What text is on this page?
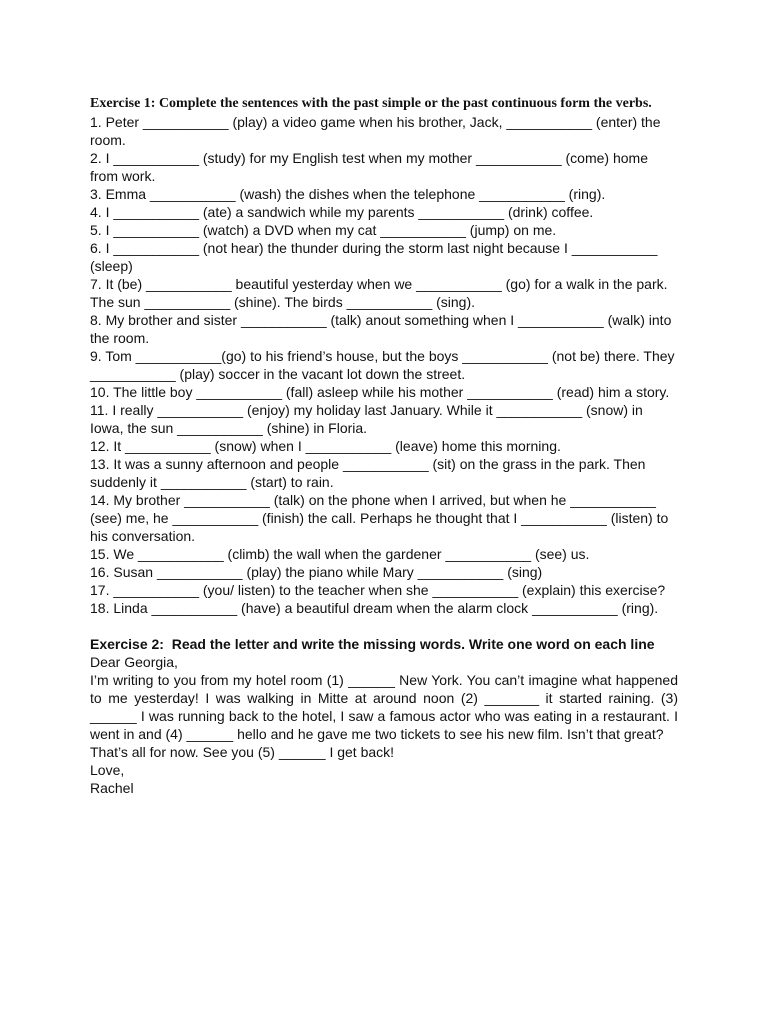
Exercise 1: Complete the sentences with the past simple or the past continuous form the verbs.

1. Peter ___________ (play) a video game when his brother, Jack, ___________ (enter) the room.
2. I ___________ (study) for my English test when my mother ___________ (come) home from work.
3. Emma ___________ (wash) the dishes when the telephone ___________ (ring).
4. I ___________ (ate) a sandwich while my parents ___________ (drink) coffee.
5. I ___________ (watch) a DVD when my cat ___________ (jump) on me.
6. I ___________ (not hear) the thunder during the storm last night because I ___________ (sleep)
7. It (be) ___________ beautiful yesterday when we ___________ (go) for a walk in the park. The sun ___________ (shine). The birds ___________ (sing).
8. My brother and sister ___________ (talk) anout something when I ___________ (walk) into the room.
9. Tom ___________(go) to his friend’s house, but the boys ___________ (not be) there. They ___________ (play) soccer in the vacant lot down the street.
10. The little boy ___________ (fall) asleep while his mother ___________ (read) him a story.
11. I really ___________ (enjoy) my holiday last January. While it ___________ (snow) in Iowa, the sun ___________ (shine) in Floria.
12. It ___________ (snow) when I ___________ (leave) home this morning.
13. It was a sunny afternoon and people ___________ (sit) on the grass in the park. Then suddenly it ___________ (start) to rain.
14. My brother ___________ (talk) on the phone when I arrived, but when he ___________ (see) me, he ___________ (finish) the call. Perhaps he thought that I ___________ (listen) to his conversation.
15. We ___________ (climb) the wall when the gardener ___________ (see) us.
16. Susan ___________ (play) the piano while Mary ___________ (sing)
17. ___________ (you/ listen) to the teacher when she ___________ (explain) this exercise?
18. Linda ___________ (have) a beautiful dream when the alarm clock ___________ (ring).

Exercise 2:  Read the letter and write the missing words. Write one word on each line

Dear Georgia,

I’m writing to you from my hotel room (1) ______ New York. You can’t imagine what happened to me yesterday! I was walking in Mitte at around noon (2) _______ it started raining. (3) ______ I was running back to the hotel, I saw a famous actor who was eating in a restaurant. I went in and (4) ______ hello and he gave me two tickets to see his new film. Isn’t that great?

That’s all for now. See you (5) ______ I get back!

Love,

Rachel
